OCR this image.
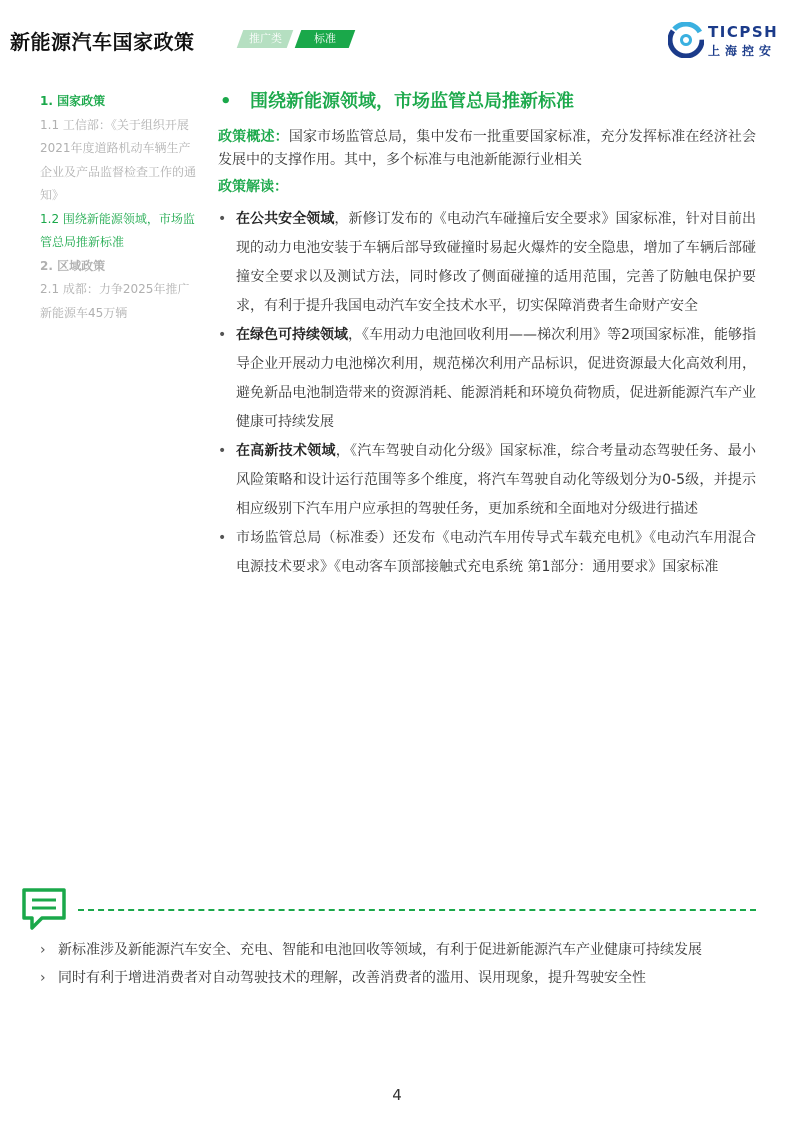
新能源汽车国家政策	推广类	标准	TICPSH
上海控安
1. 国家政策
1.1 工信部：《关于组织开展2021年度道路机动车辆生产企业及产品监督检查工作的通知》
1.2 围绕新能源领域，市场监管总局推新标准
2. 区域政策
2.1 成都：力争2025年推广新能源车45万辆
•	围绕新能源领域，市场监管总局推新标准

政策概述：国家市场监管总局，集中发布一批重要国家标准，充分发挥标准在经济社会发展中的支撑作用。其中，多个标准与电池新能源行业相关

政策解读：
• 在公共安全领域，新修订发布的《电动汽车碰撞后安全要求》国家标准，针对目前出现的动力电池安装于车辆后部导致碰撞时易起火爆炸的安全隐患，增加了车辆后部碰撞安全要求以及测试方法，同时修改了侧面碰撞的适用范围，完善了防触电保护要求，有利于提升我国电动汽车安全技术水平，切实保障消费者生命财产安全
• 在绿色可持续领域，《车用动力电池回收利用——梯次利用》等2项国家标准，能够指导企业开展动力电池梯次利用，规范梯次利用产品标识，促进资源最大化高效利用，避免新品电池制造带来的资源消耗、能源消耗和环境负荷物质，促进新能源汽车产业健康可持续发展
• 在高新技术领域，《汽车驾驶自动化分级》国家标准，综合考量动态驾驶任务、最小风险策略和设计运行范围等多个维度，将汽车驾驶自动化等级划分为0-5级，并提示相应级别下汽车用户应承担的驾驶任务，更加系统和全面地对分级进行描述
• 市场监管总局（标准委）还发布《电动汽车用传导式车载充电机》《电动汽车用混合电源技术要求》《电动客车顶部接触式充电系统 第1部分：通用要求》国家标准
› 新标准涉及新能源汽车安全、充电、智能和电池回收等领域，有利于促进新能源汽车产业健康可持续发展
› 同时有利于增进消费者对自动驾驶技术的理解，改善消费者的滥用、误用现象，提升驾驶安全性
4
